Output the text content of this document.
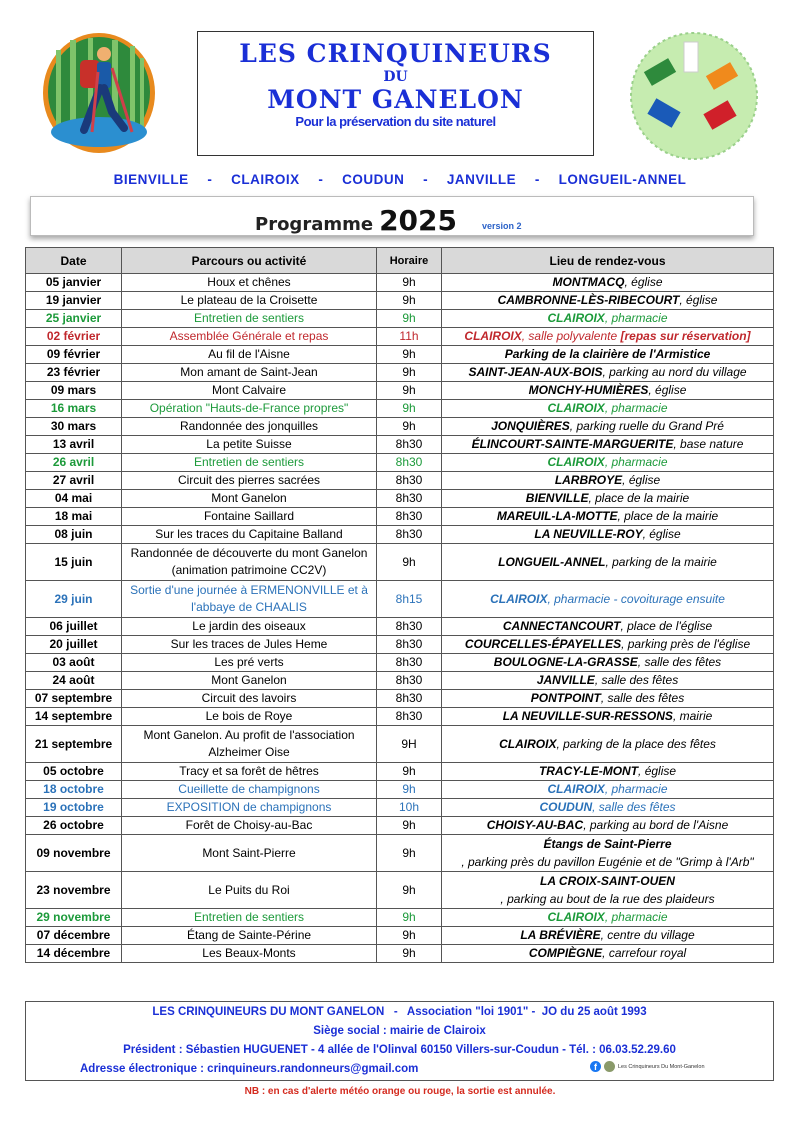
LES CRINQUINEURS
DU
MONT GANELON
Pour la préservation du site naturel
BIENVILLE   -   CLAIROIX   -   COUDUN   -   JANVILLE   -   LONGUEIL-ANNEL
Programme 2025	version 2
Date	Parcours ou activité	Horaire	Lieu de rendez-vous
05 janvier	Houx et chênes	9h	MONTMACQ, église
19 janvier	Le plateau de la Croisette	9h	CAMBRONNE-LÈS-RIBECOURT, église
25 janvier	Entretien de sentiers	9h	CLAIROIX, pharmacie
02 février	Assemblée Générale et repas	11h	CLAIROIX, salle polyvalente [repas sur réservation]
09 février	Au fil de l'Aisne	9h	Parking de la clairière de l'Armistice
23 février	Mon amant de Saint-Jean	9h	SAINT-JEAN-AUX-BOIS, parking au nord du village
09 mars	Mont Calvaire	9h	MONCHY-HUMIÈRES, église
16 mars	Opération "Hauts-de-France propres"	9h	CLAIROIX, pharmacie
30 mars	Randonnée des jonquilles	9h	JONQUIÈRES, parking ruelle du Grand Pré
13 avril	La petite Suisse	8h30	ÉLINCOURT-SAINTE-MARGUERITE, base nature
26 avril	Entretien de sentiers	8h30	CLAIROIX, pharmacie
27 avril	Circuit des pierres sacrées	8h30	LARBROYE, église
04 mai	Mont Ganelon	8h30	BIENVILLE, place de la mairie
18 mai	Fontaine Saillard	8h30	MAREUIL-LA-MOTTE, place de la mairie
08 juin	Sur les traces du Capitaine Balland	8h30	LA NEUVILLE-ROY, église
15 juin	Randonnée de découverte du mont Ganelon (animation patrimoine CC2V)	9h	LONGUEIL-ANNEL, parking de la mairie
29 juin	Sortie d'une journée à ERMENONVILLE et à l'abbaye de CHAALIS	8h15	CLAIROIX, pharmacie - covoiturage ensuite
06 juillet	Le jardin des oiseaux	8h30	CANNECTANCOURT, place de l'église
20 juillet	Sur les traces de Jules Heme	8h30	COURCELLES-ÉPAYELLES, parking près de l'église
03 août	Les pré verts	8h30	BOULOGNE-LA-GRASSE, salle des fêtes
24 août	Mont Ganelon	8h30	JANVILLE, salle des fêtes
07 septembre	Circuit des lavoirs	8h30	PONTPOINT, salle des fêtes
14 septembre	Le bois de Roye	8h30	LA NEUVILLE-SUR-RESSONS, mairie
21 septembre	Mont Ganelon. Au profit de l'association Alzheimer Oise	9H	CLAIROIX, parking de la place des fêtes
05 octobre	Tracy et sa forêt de hêtres	9h	TRACY-LE-MONT, église
18 octobre	Cueillette de champignons	9h	CLAIROIX, pharmacie
19 octobre	EXPOSITION de champignons	10h	COUDUN, salle des fêtes
26 octobre	Forêt de Choisy-au-Bac	9h	CHOISY-AU-BAC, parking au bord de l'Aisne
09 novembre	Mont Saint-Pierre	9h	Étangs de Saint-Pierre
, parking près du pavillon Eugénie et de "Grimp à l'Arb"
23 novembre	Le Puits du Roi	9h	LA CROIX-SAINT-OUEN
, parking au bout de la rue des plaideurs
29 novembre	Entretien de sentiers	9h	CLAIROIX, pharmacie
07 décembre	Étang de Sainte-Périne	9h	LA BRÉVIÈRE, centre du village
14 décembre	Les Beaux-Monts	9h	COMPIÈGNE, carrefour royal
LES CRINQUINEURS DU MONT GANELON   -   Association "loi 1901" -  JO du 25 août 1993
Siège social : mairie de Clairoix
Président : Sébastien HUGUENET - 4 allée de l'Olinval 60150 Villers-sur-Coudun - Tél. : 06.03.52.29.60
Adresse électronique : crinquineurs.randonneurs@gmail.com	f	Les Crinquineurs Du Mont-Ganelon
NB : en cas d'alerte météo orange ou rouge, la sortie est annulée.
